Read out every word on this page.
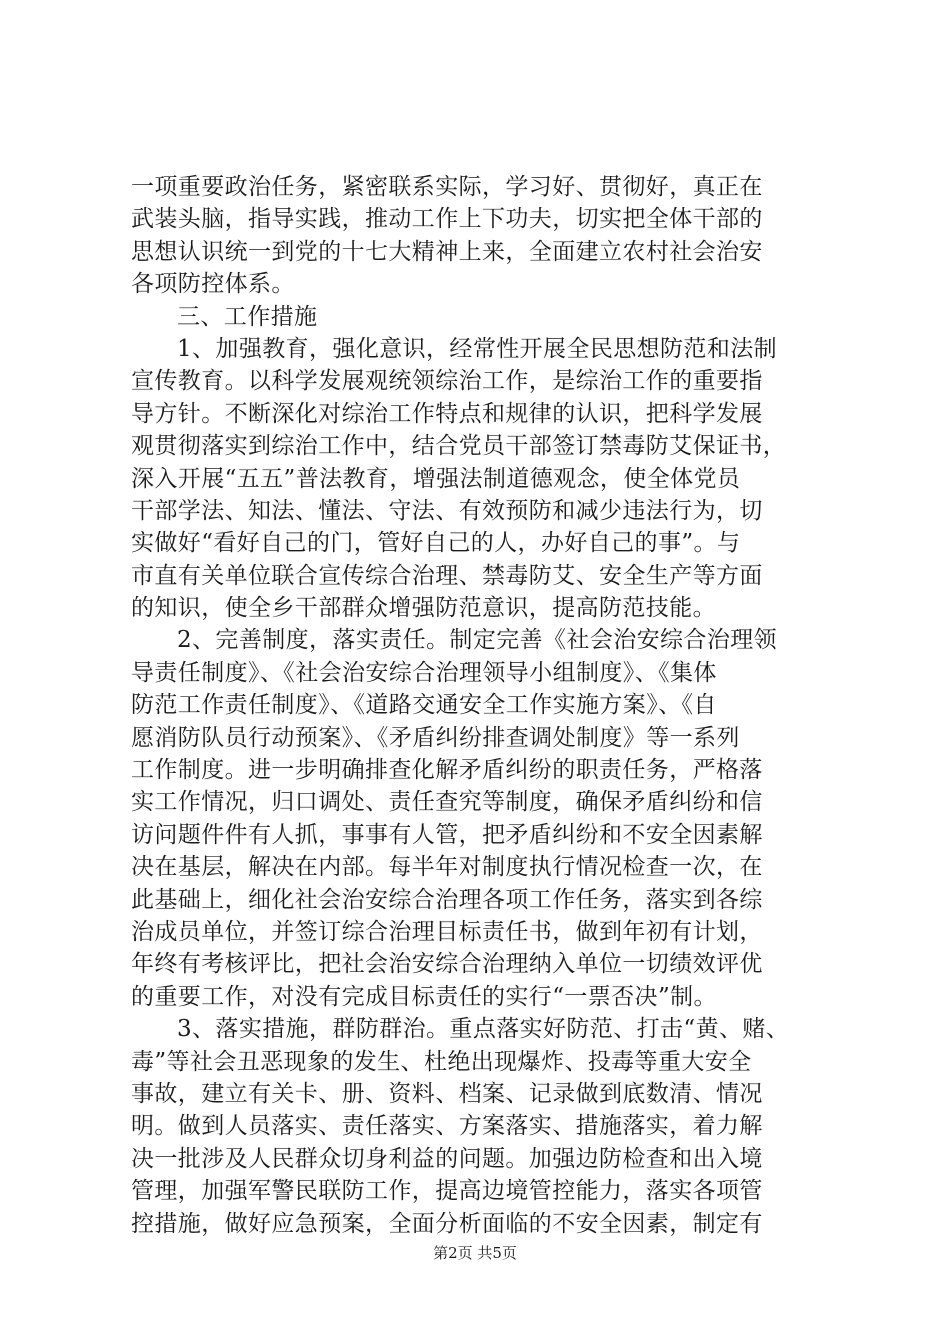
一项重要政治任务，紧密联系实际，学习好、贯彻好，真正在
武装头脑，指导实践，推动工作上下功夫，切实把全体干部的
思想认识统一到党的十七大精神上来，全面建立农村社会治安
各项防控体系。
三、工作措施
1、加强教育，强化意识，经常性开展全民思想防范和法制
宣传教育。以科学发展观统领综治工作，是综治工作的重要指
导方针。不断深化对综治工作特点和规律的认识，把科学发展
观贯彻落实到综治工作中，结合党员干部签订禁毒防艾保证书，
深入开展“五五”普法教育，增强法制道德观念，使全体党员
干部学法、知法、懂法、守法、有效预防和减少违法行为，切
实做好“看好自己的门，管好自己的人，办好自己的事”。与
市直有关单位联合宣传综合治理、禁毒防艾、安全生产等方面
的知识，使全乡干部群众增强防范意识，提高防范技能。
2、完善制度，落实责任。制定完善《社会治安综合治理领
导责任制度》、《社会治安综合治理领导小组制度》、《集体
防范工作责任制度》、《道路交通安全工作实施方案》、《自
愿消防队员行动预案》、《矛盾纠纷排查调处制度》等一系列
工作制度。进一步明确排查化解矛盾纠纷的职责任务，严格落
实工作情况，归口调处、责任查究等制度，确保矛盾纠纷和信
访问题件件有人抓，事事有人管，把矛盾纠纷和不安全因素解
决在基层，解决在内部。每半年对制度执行情况检查一次，在
此基础上，细化社会治安综合治理各项工作任务，落实到各综
治成员单位，并签订综合治理目标责任书，做到年初有计划，
年终有考核评比，把社会治安综合治理纳入单位一切绩效评优
的重要工作，对没有完成目标责任的实行“一票否决”制。
3、落实措施，群防群治。重点落实好防范、打击“黄、赌、
毒”等社会丑恶现象的发生、杜绝出现爆炸、投毒等重大安全
事故，建立有关卡、册、资料、档案、记录做到底数清、情况
明。做到人员落实、责任落实、方案落实、措施落实，着力解
决一批涉及人民群众切身利益的问题。加强边防检查和出入境
管理，加强军警民联防工作，提高边境管控能力，落实各项管
控措施，做好应急预案，全面分析面临的不安全因素，制定有
第2页 共5页
